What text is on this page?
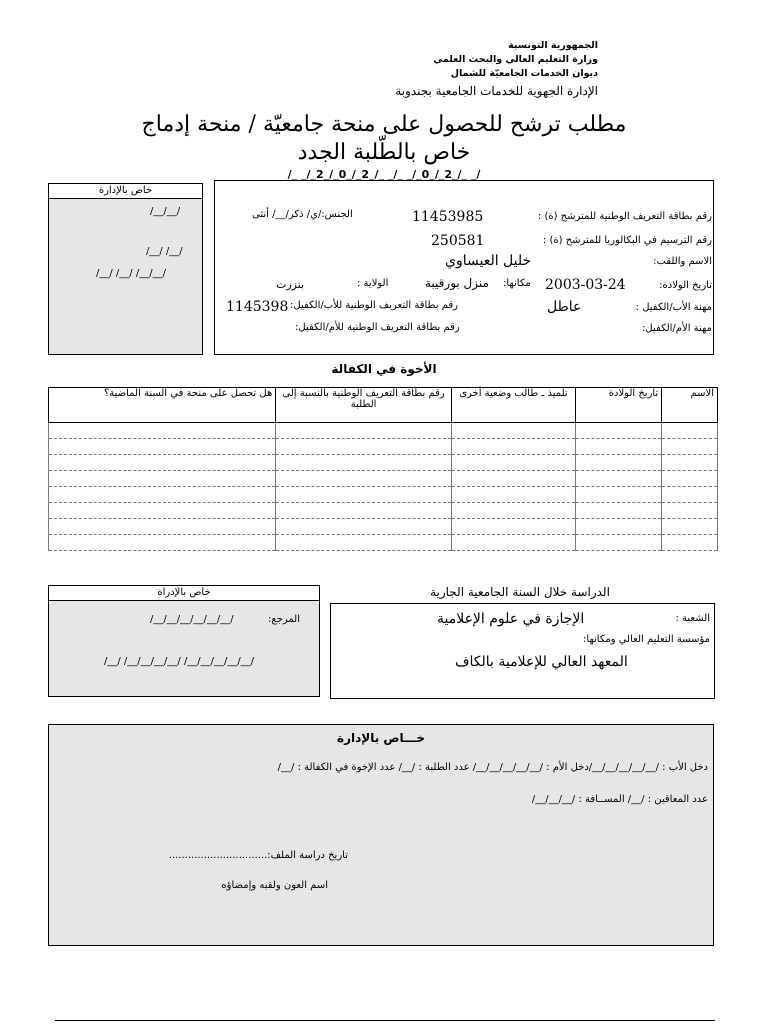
الجمهورية التونسية
وزارة التعليم العالي والبحث العلمي
ديوان الخدمات الجامعيّة للشمال
الإدارة الجهوية للخدمات الجامعية بجندوبة
مطلب ترشح للحصول على منحة جامعيّة / منحة إدماج
خاص بالطّلبة الجدد
/_ _/_2_/_0_/_2_/_ _/_ _/_0_/_2_/_ _/
خاص بالإدارة
/__/__/
/__/ /__/
/__/ /__/ /__/__/
رقم بطاقة التعريف الوطنية للمترشح (ة) :
11453985
الجنس:/ي/ ذكر/__/ أنثى
رقم الترسيم في البكالوريا للمترشح (ة) :
250581
الاسم واللقب:
خليل العيساوي
تاريخ الولادة:
2003-03-24
مكانها:
منزل بورقيبة
الولاية :
بنزرت
مهنة الأب/الكفيل :
عاطل
رقم بطاقة التعريف الوطنية للأب/الكفيل:
1145398
مهنة الأم/الكفيل:
رقم بطاقة التعريف الوطنية للأم/الكفيل:
الأخوة في الكفالة
الاسم	تاريخ الولادة	تلميذ ـ طالب وضعية أخرى	رقم بطاقة التعريف الوطنية بالنسبة إلى الطلبة	هل تحصل على منحة في السنة الماضية؟

الدراسة خلال السنة الجامعية الجارية
الشعبة :
الإجازة في علوم الإعلامية
مؤسسة التعليم العالي ومكانها:
المعهد العالي للإعلامية بالكاف
خاص بالإدراة
المرجع:
/__/__/__/__/__/__/
/__/ /__/__/__/__/ /__/__/__/__/__/
خـــاص بالإدارة
دخل الأب : /__/__/__/__/__/دخل الأم : /__/__/__/__/__/ عدد الطلبة : /__/ عدد الإخوة في الكفالة : /__/
عدد المعاقين : /__/ المســافة : /__/__/__/
تاريخ دراسة الملف:...............................
اسم العون ولقبه وإمضاؤه
